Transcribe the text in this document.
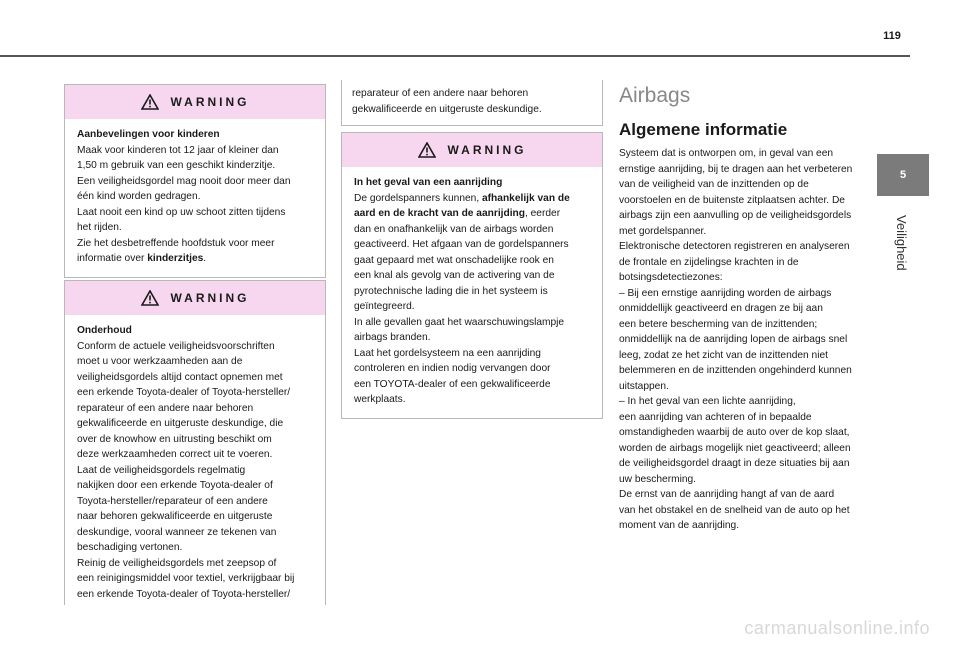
119
5
Veiligheid
WARNING

Aanbevelingen voor kinderen

Maak voor kinderen tot 12 jaar of kleiner dan

1,50 m gebruik van een geschikt kinderzitje.

Een veiligheidsgordel mag nooit door meer dan

één kind worden gedragen.

Laat nooit een kind op uw schoot zitten tijdens

het rijden.

Zie het desbetreffende hoofdstuk voor meer

informatie over kinderzitjes.

WARNING

Onderhoud

Conform de actuele veiligheidsvoorschriften

moet u voor werkzaamheden aan de

veiligheidsgordels altijd contact opnemen met

een erkende Toyota-dealer of Toyota-hersteller/

reparateur of een andere naar behoren

gekwalificeerde en uitgeruste deskundige, die

over de knowhow en uitrusting beschikt om

deze werkzaamheden correct uit te voeren.

Laat de veiligheidsgordels regelmatig

nakijken door een erkende Toyota-dealer of

Toyota-hersteller/reparateur of een andere

naar behoren gekwalificeerde en uitgeruste

deskundige, vooral wanneer ze tekenen van

beschadiging vertonen.

Reinig de veiligheidsgordels met zeepsop of

een reinigingsmiddel voor textiel, verkrijgbaar bij

een erkende Toyota-dealer of Toyota-hersteller/

reparateur of een andere naar behoren

gekwalificeerde en uitgeruste deskundige.

WARNING

In het geval van een aanrijding

De gordelspanners kunnen, afhankelijk van de

aard en de kracht van de aanrijding, eerder

dan en onafhankelijk van de airbags worden

geactiveerd. Het afgaan van de gordelspanners

gaat gepaard met wat onschadelijke rook en

een knal als gevolg van de activering van de

pyrotechnische lading die in het systeem is

geïntegreerd.

In alle gevallen gaat het waarschuwingslampje

airbags branden.

Laat het gordelsysteem na een aanrijding

controleren en indien nodig vervangen door

een TOYOTA-dealer of een gekwalificeerde

werkplaats.

Airbags
Algemene informatie

Systeem dat is ontworpen om, in geval van een

ernstige aanrijding, bij te dragen aan het verbeteren

van de veiligheid van de inzittenden op de

voorstoelen en de buitenste zitplaatsen achter. De

airbags zijn een aanvulling op de veiligheidsgordels

met gordelspanner.

Elektronische detectoren registreren en analyseren

de frontale en zijdelingse krachten in de

botsingsdetectiezones:

– Bij een ernstige aanrijding worden de airbags

onmiddellijk geactiveerd en dragen ze bij aan

een betere bescherming van de inzittenden;

onmiddellijk na de aanrijding lopen de airbags snel

leeg, zodat ze het zicht van de inzittenden niet

belemmeren en de inzittenden ongehinderd kunnen

uitstappen.

– In het geval van een lichte aanrijding,

een aanrijding van achteren of in bepaalde

omstandigheden waarbij de auto over de kop slaat,

worden de airbags mogelijk niet geactiveerd; alleen

de veiligheidsgordel draagt in deze situaties bij aan

uw bescherming.

De ernst van de aanrijding hangt af van de aard

van het obstakel en de snelheid van de auto op het

moment van de aanrijding.

carmanualsonline.info
